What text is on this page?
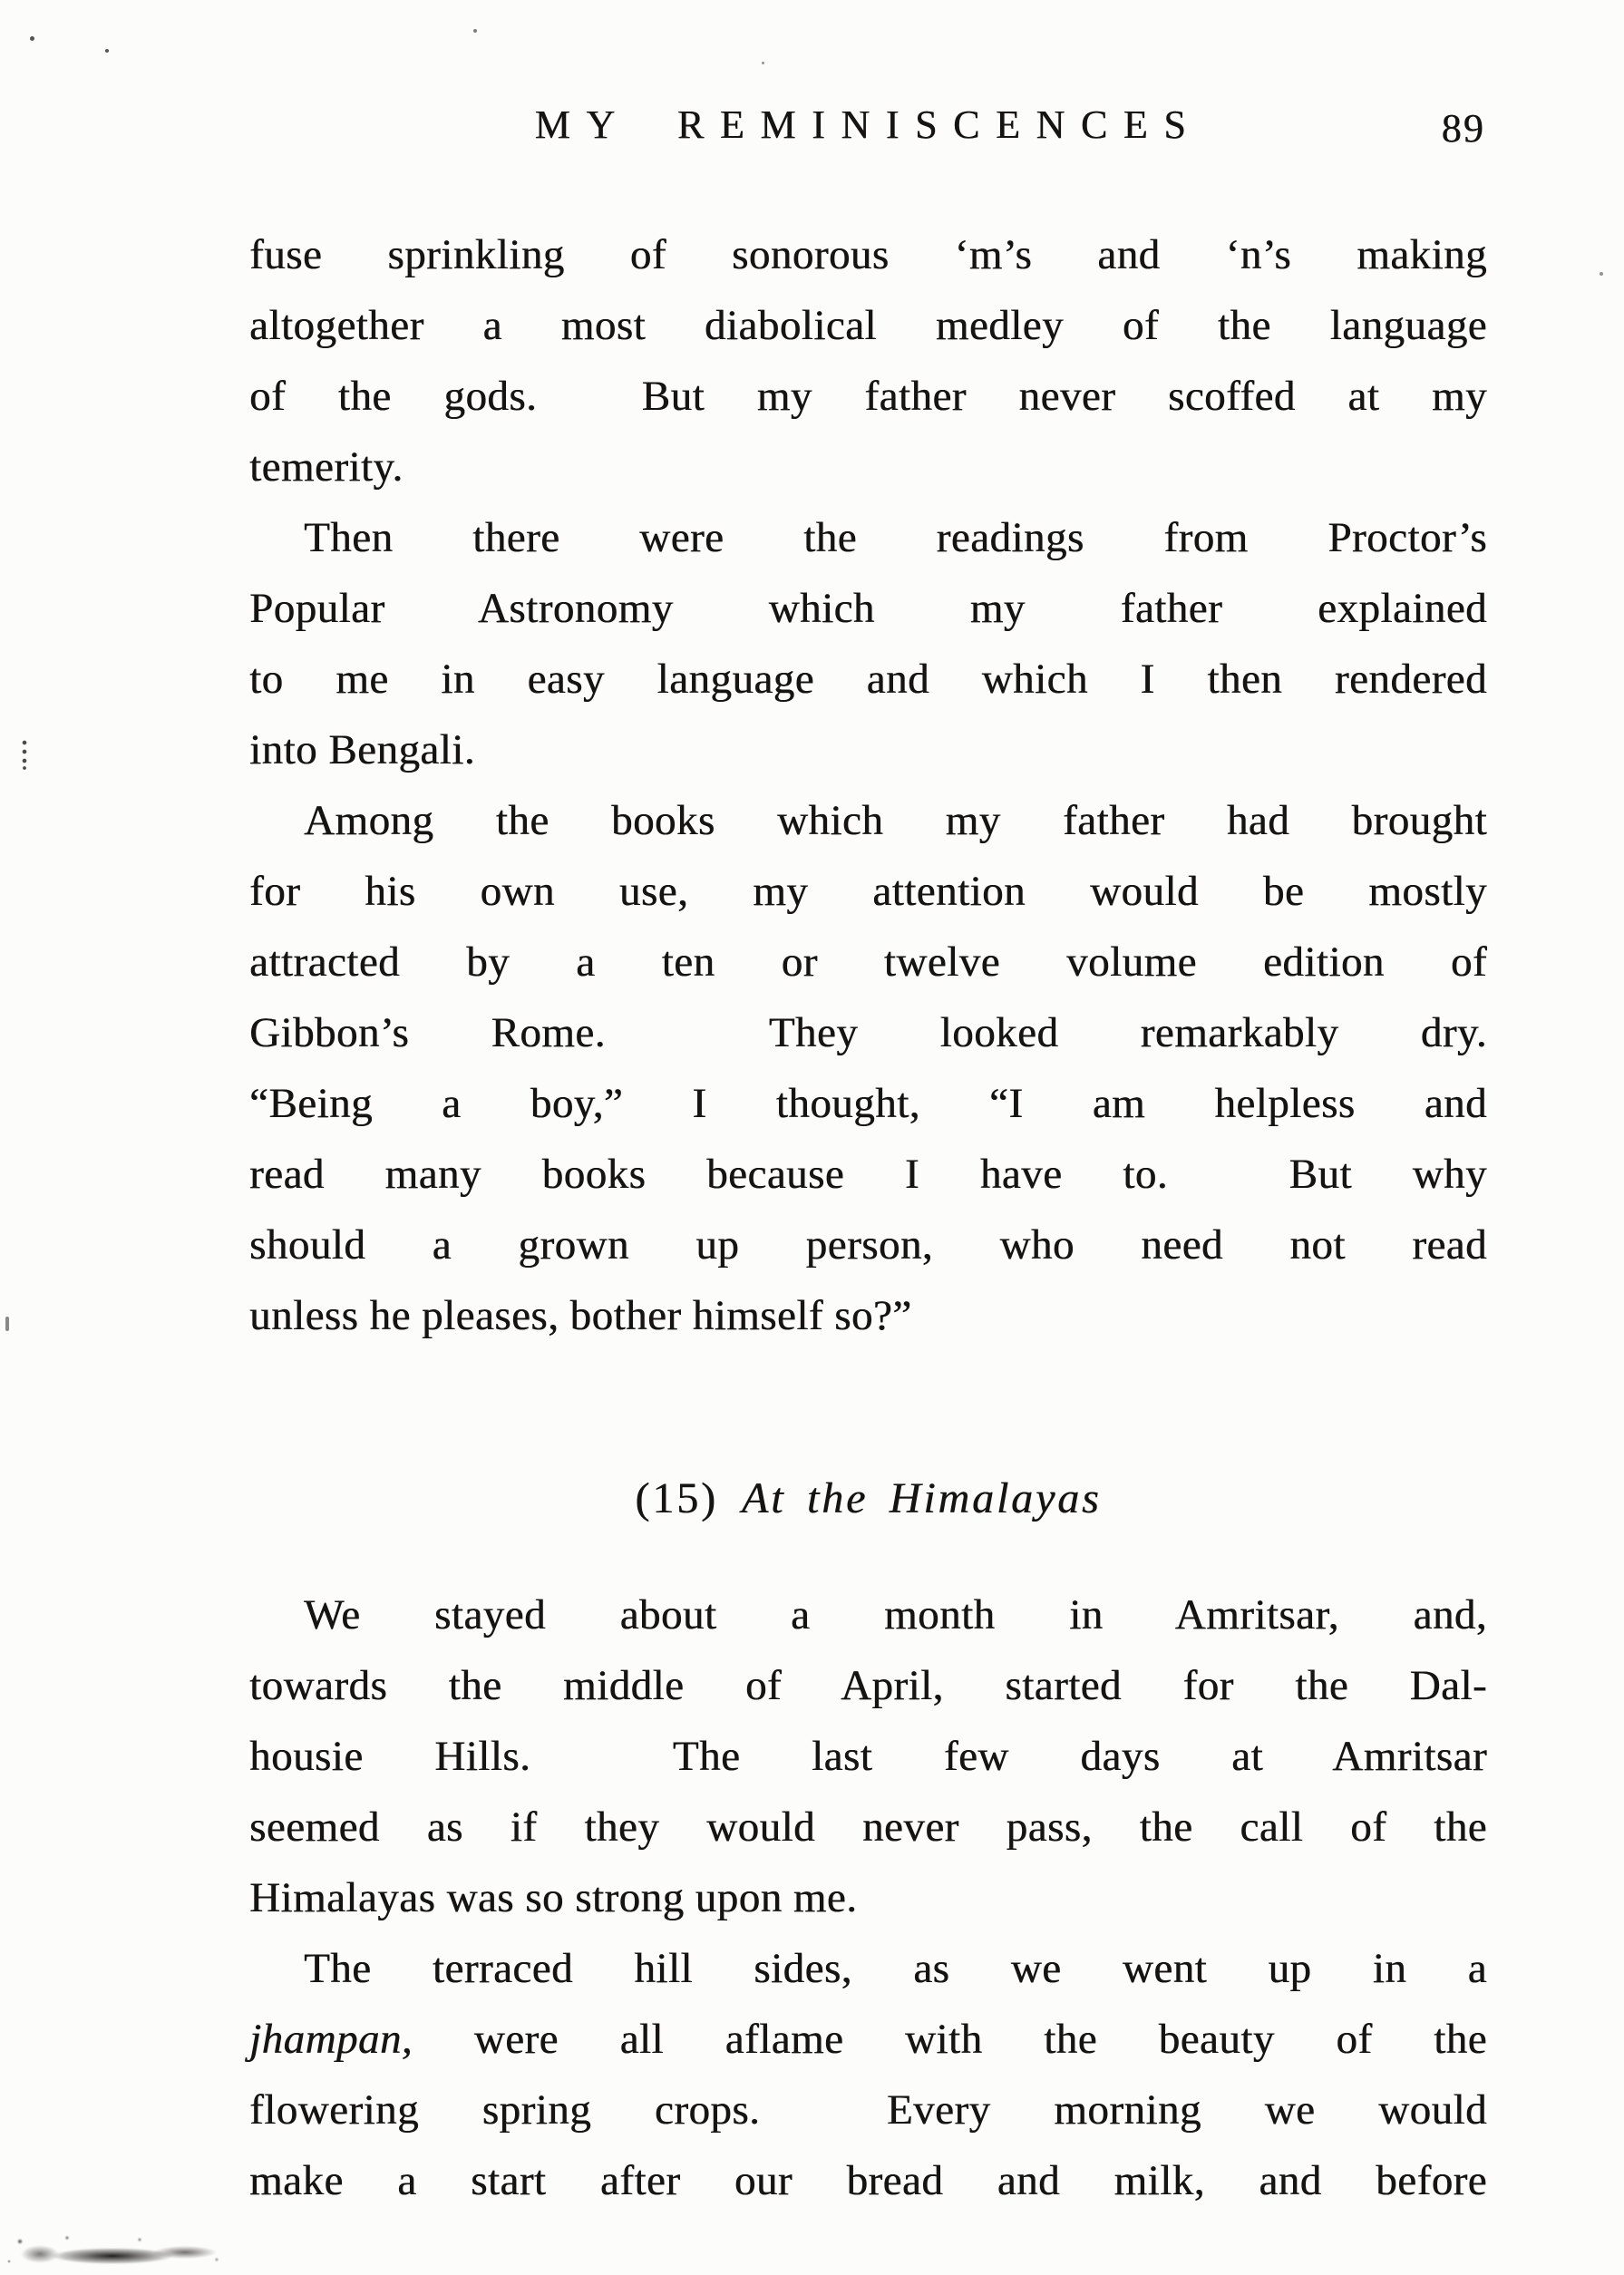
MY REMINISCENCES	89
fuse sprinkling of sonorous ‘m’s and ‘n’s making
altogether a most diabolical medley of the language
of the gods.  But my father never scoffed at my
temerity.
Then there were the readings from Proctor’s
Popular Astronomy which my father explained
to me in easy language and which I then rendered
into Bengali.
Among the books which my father had brought
for his own use, my attention would be mostly
attracted by a ten or twelve volume edition of
Gibbon’s Rome.  They looked remarkably dry.
“Being a boy,” I thought, “I am helpless and
read many books because I have to.  But why
should a grown up person, who need not read
unless he pleases, bother himself so?”
(15) At the Himalayas
We stayed about a month in Amritsar, and,
towards the middle of April, started for the Dal-
housie Hills.  The last few days at Amritsar
seemed as if they would never pass, the call of the
Himalayas was so strong upon me.
The terraced hill sides, as we went up in a
jhampan, were all aflame with the beauty of the
flowering spring crops.  Every morning we would
make a start after our bread and milk, and before
